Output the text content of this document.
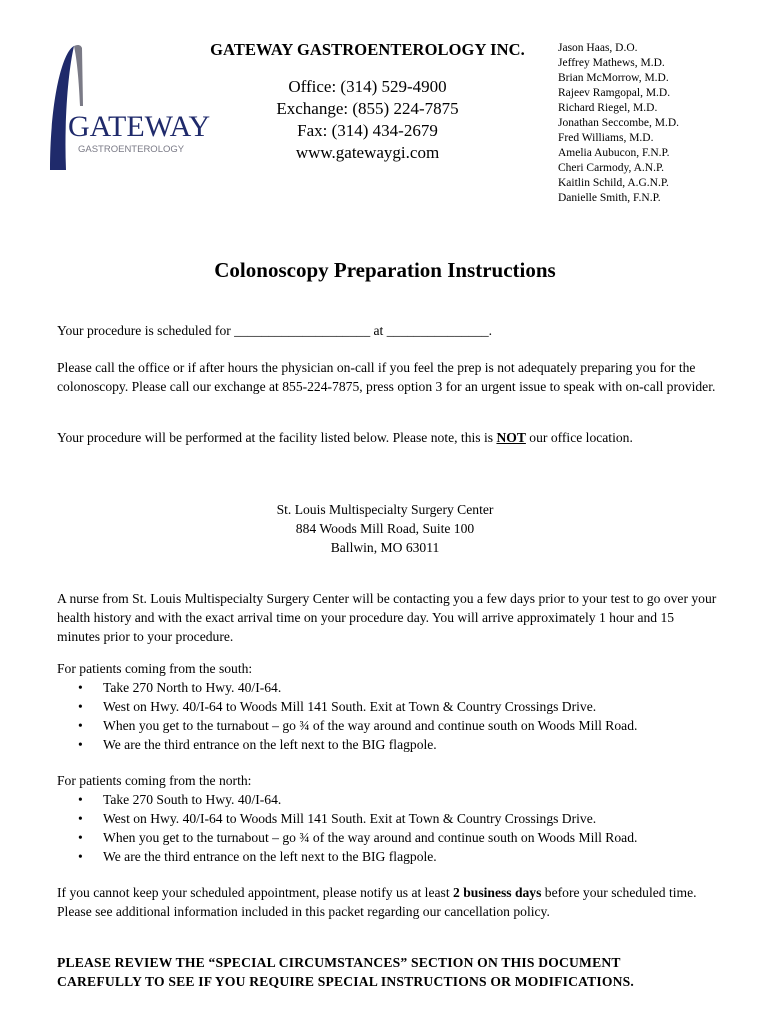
GATEWAY
GASTROENTEROLOGY
GATEWAY GASTROENTEROLOGY INC.
Office: (314) 529-4900
Exchange: (855) 224-7875
Fax: (314) 434-2679
www.gatewaygi.com
Jason Haas, D.O.
Jeffrey Mathews, M.D.
Brian McMorrow, M.D.
Rajeev Ramgopal, M.D.
Richard Riegel, M.D.
Jonathan Seccombe, M.D.
Fred Williams, M.D.
Amelia Aubucon, F.N.P.
Cheri Carmody, A.N.P.
Kaitlin Schild, A.G.N.P.
Danielle Smith, F.N.P.
Colonoscopy Preparation Instructions
Your procedure is scheduled for ____________________ at _______________.
Please call the office or if after hours the physician on-call if you feel the prep is not adequately preparing you for the colonoscopy. Please call our exchange at 855-224-7875, press option 3 for an urgent issue to speak with on-call provider.
Your procedure will be performed at the facility listed below. Please note, this is NOT our office location.
St. Louis Multispecialty Surgery Center
884 Woods Mill Road, Suite 100
Ballwin, MO 63011
A nurse from St. Louis Multispecialty Surgery Center will be contacting you a few days prior to your test to go over your health history and with the exact arrival time on your procedure day. You will arrive approximately 1 hour and 15 minutes prior to your procedure.
For patients coming from the south:
• Take 270 North to Hwy. 40/I-64.
• West on Hwy. 40/I-64 to Woods Mill 141 South. Exit at Town & Country Crossings Drive.
• When you get to the turnabout – go ¾ of the way around and continue south on Woods Mill Road.
• We are the third entrance on the left next to the BIG flagpole.
For patients coming from the north:
• Take 270 South to Hwy. 40/I-64.
• West on Hwy. 40/I-64 to Woods Mill 141 South. Exit at Town & Country Crossings Drive.
• When you get to the turnabout – go ¾ of the way around and continue south on Woods Mill Road.
• We are the third entrance on the left next to the BIG flagpole.
If you cannot keep your scheduled appointment, please notify us at least 2 business days before your scheduled time. Please see additional information included in this packet regarding our cancellation policy.
PLEASE REVIEW THE “SPECIAL CIRCUMSTANCES” SECTION ON THIS DOCUMENT
CAREFULLY TO SEE IF YOU REQUIRE SPECIAL INSTRUCTIONS OR MODIFICATIONS.
